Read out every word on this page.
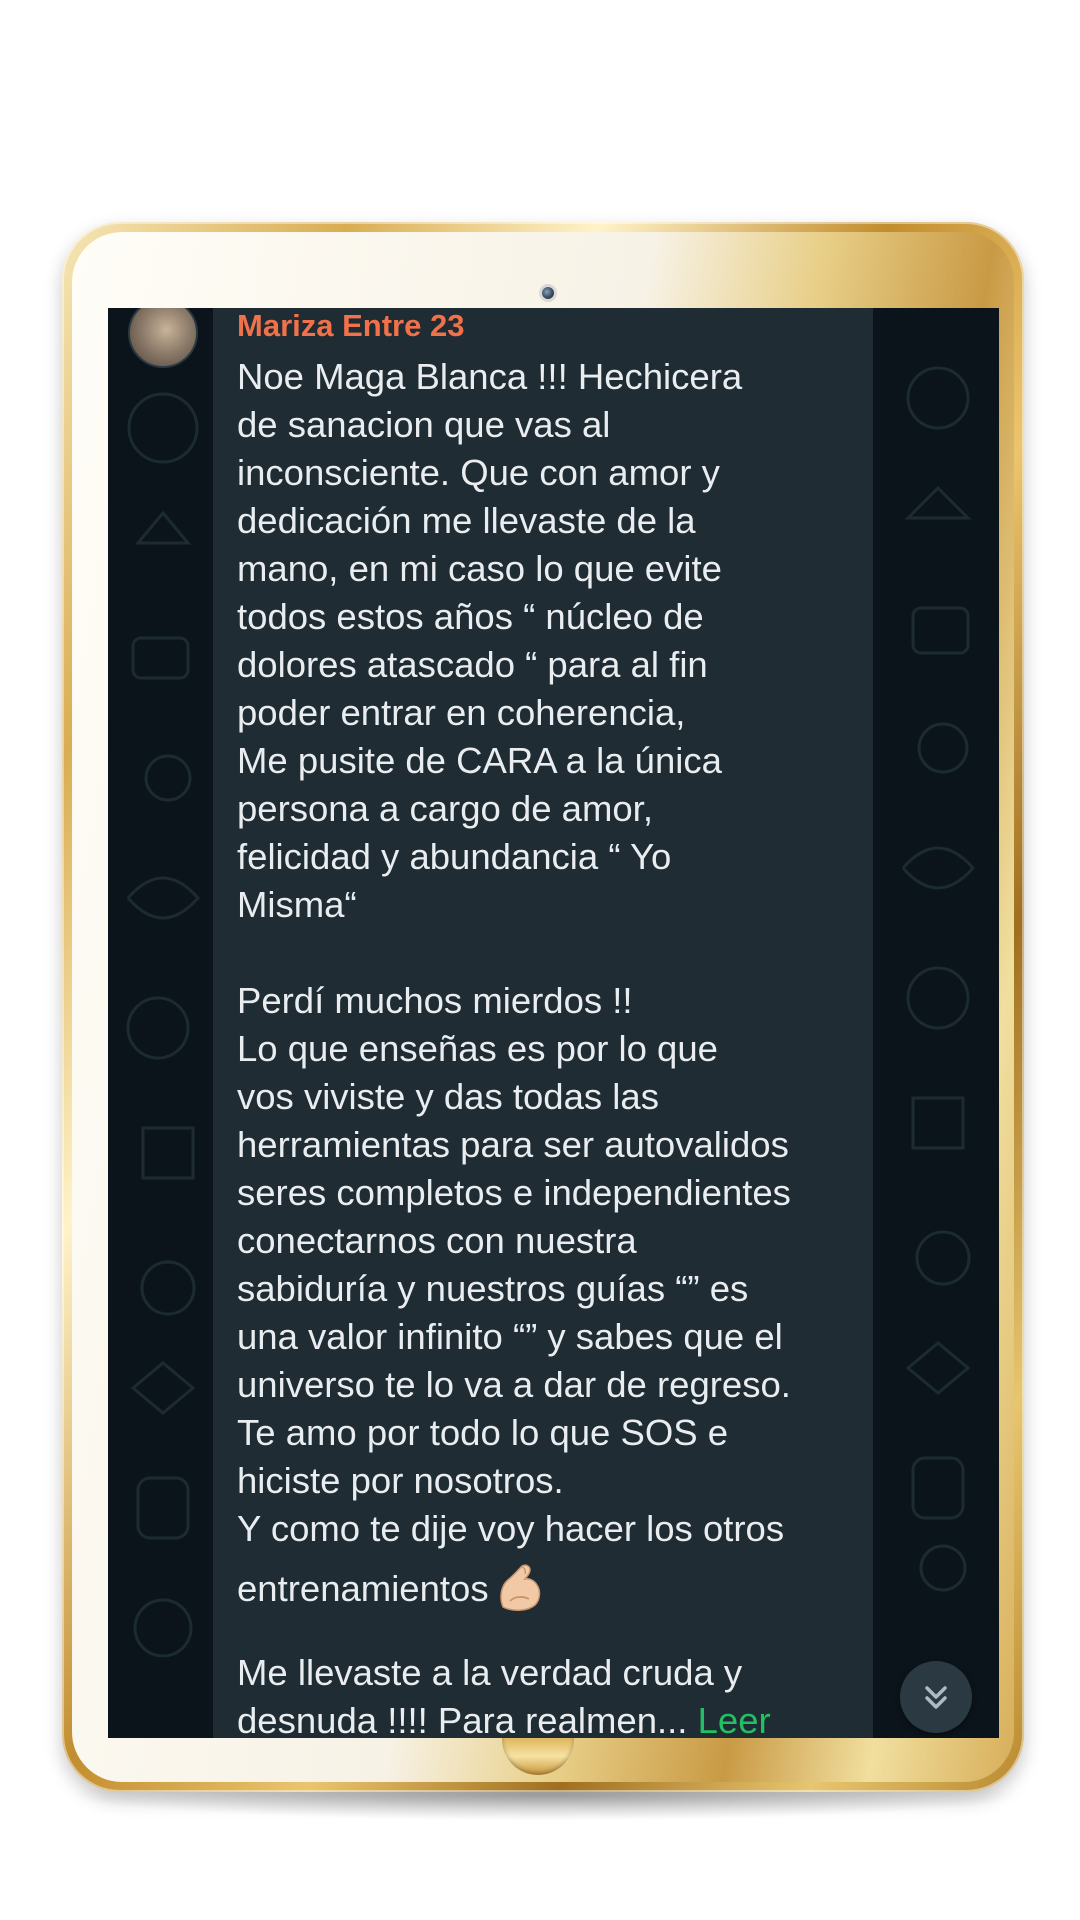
Mariza Entre 23
Noe Maga Blanca !!! Hechicera
de sanacion que vas al
inconsciente. Que con amor y
dedicación me llevaste de la
mano, en mi caso lo que evite
todos estos años “ núcleo de
dolores atascado “ para al fin
poder entrar en coherencia,
Me pusite de CARA a la única
persona a cargo de amor,
felicidad y abundancia “ Yo
Misma“
Perdí muchos mierdos !!
Lo que enseñas es por lo que
vos viviste y das todas las
herramientas para ser autovalidos
seres completos e independientes
conectarnos con nuestra
sabiduría y nuestros guías “” es
una valor infinito “” y sabes que el
universo te lo va a dar de regreso.
Te amo por todo lo que SOS e
hiciste por nosotros.
Y como te dije voy hacer los otros
entrenamientos
Me llevaste a la verdad cruda y
desnuda !!!! Para realmen... Leer
